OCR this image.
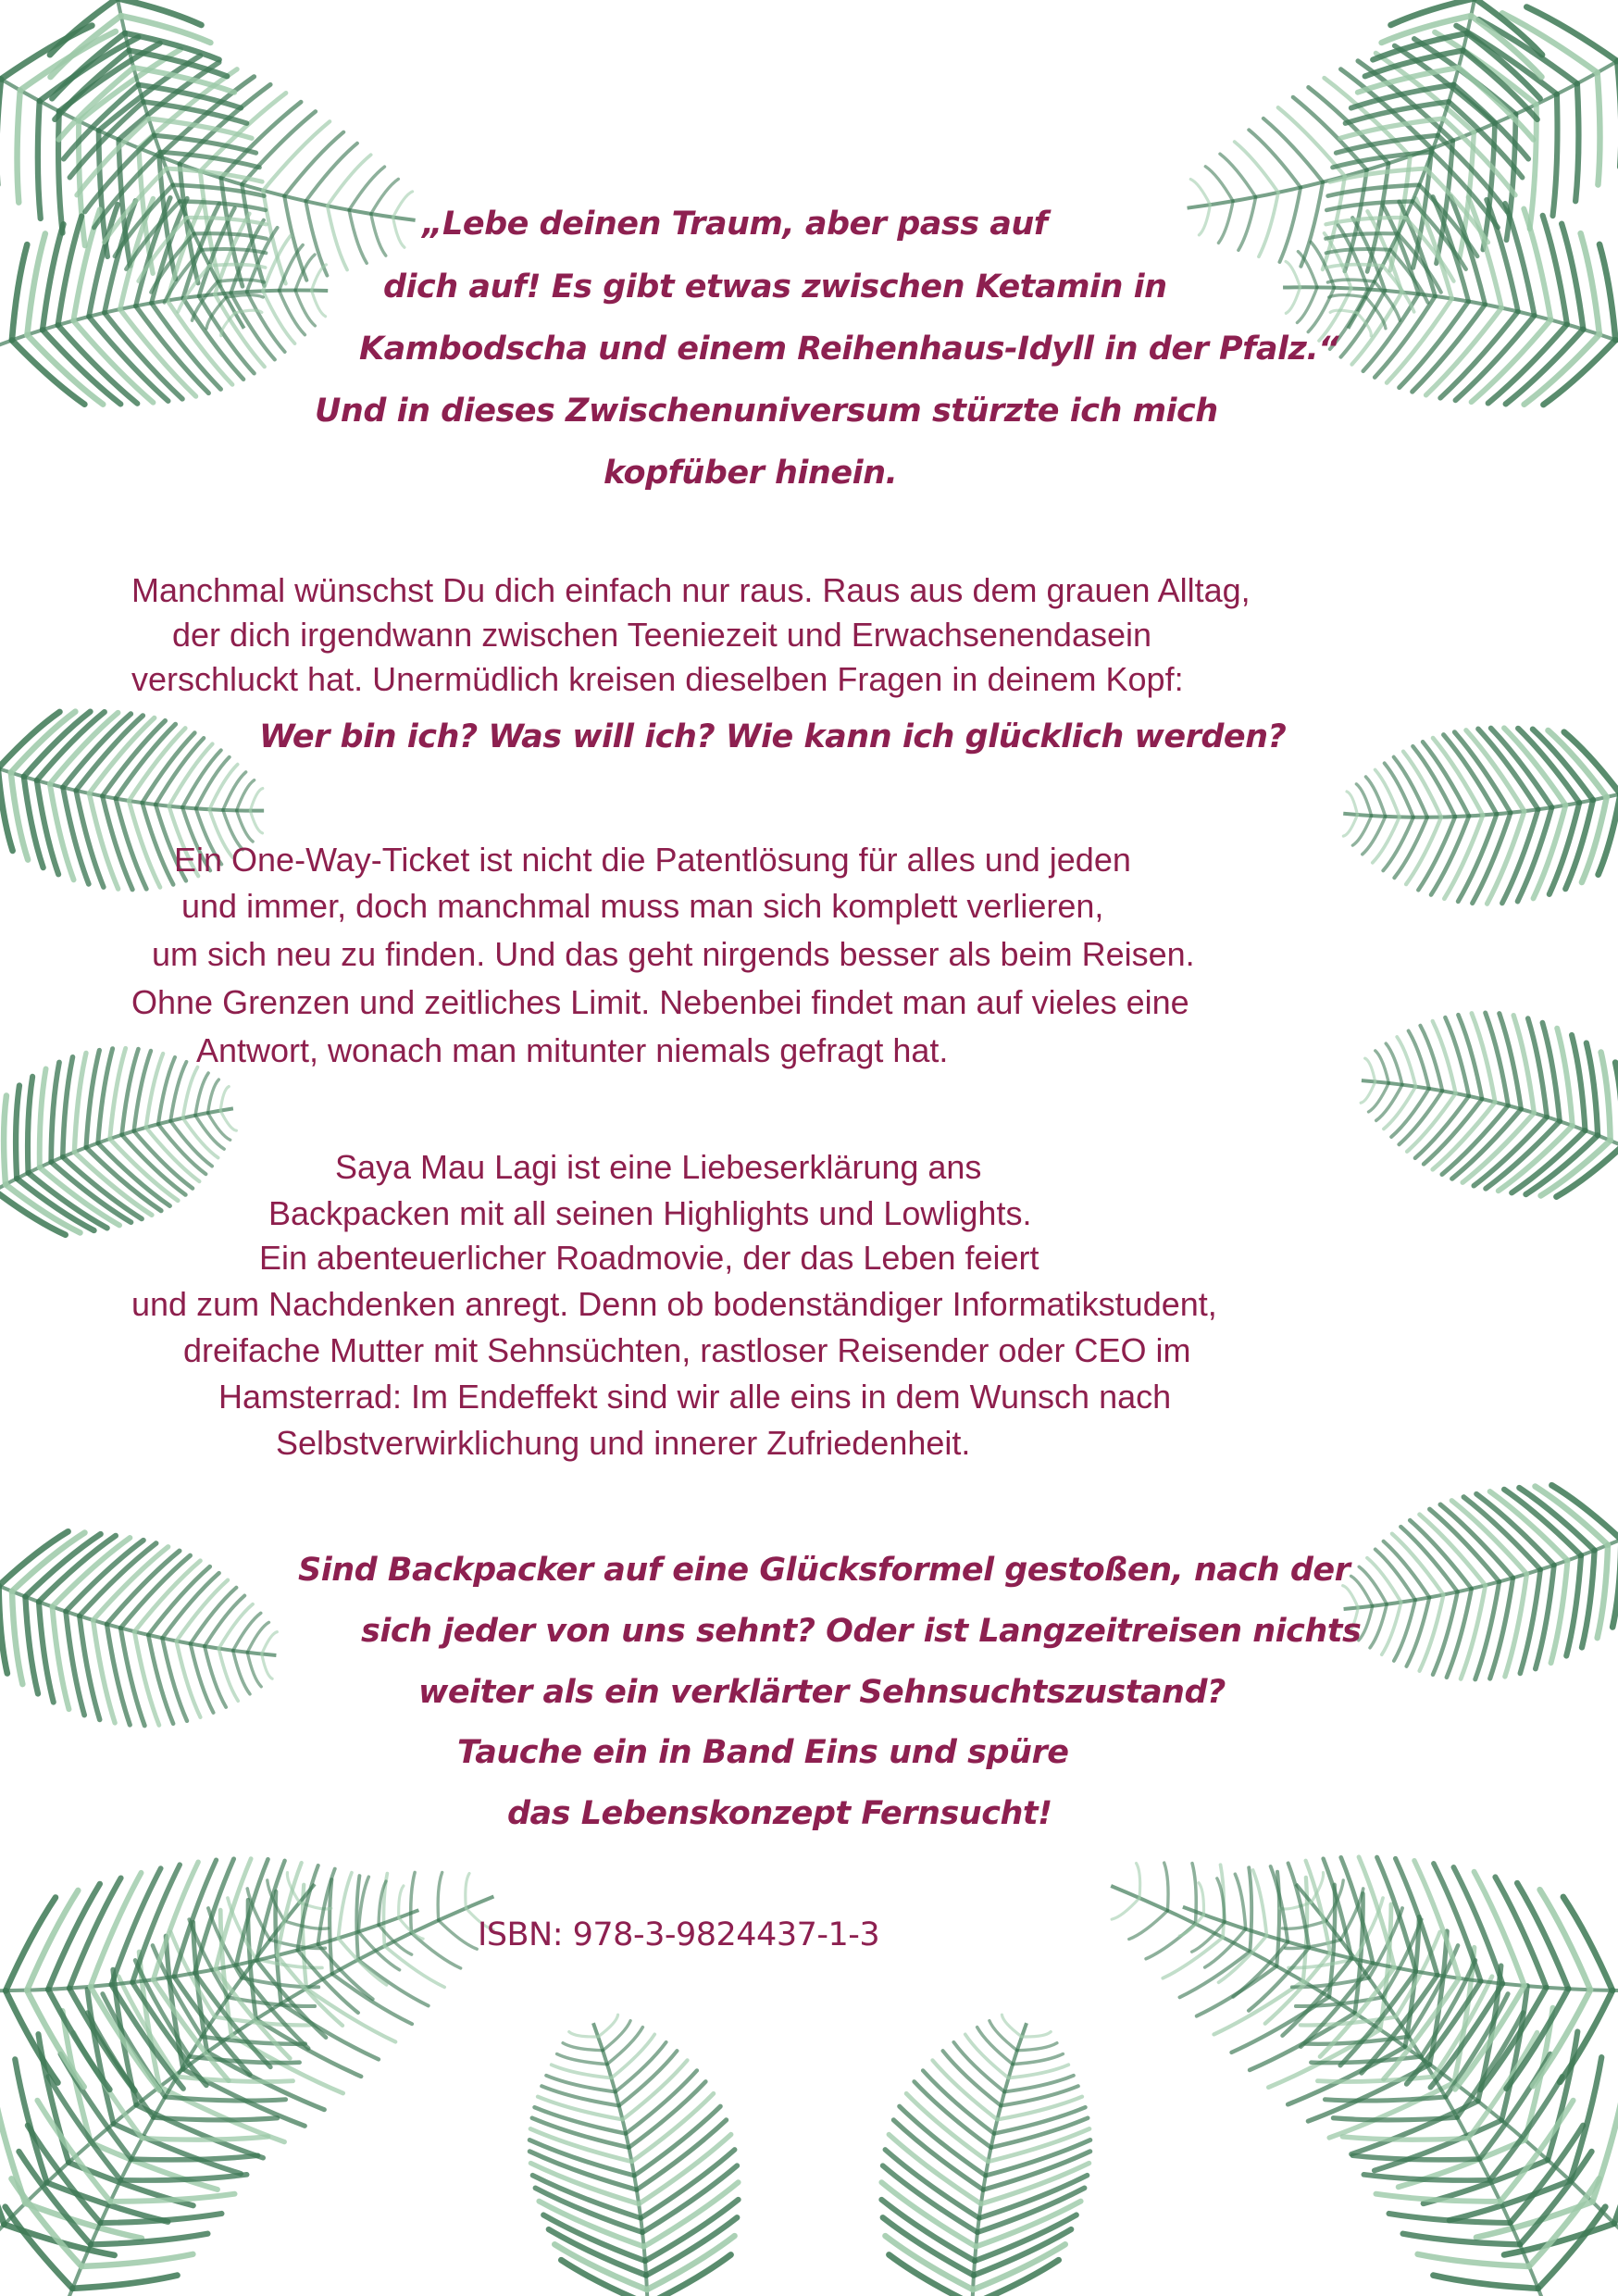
„Lebe deinen Traum, aber pass auf

dich auf! Es gibt etwas zwischen Ketamin in

Kambodscha und einem Reihenhaus-Idyll in der Pfalz.“

Und in dieses Zwischenuniversum stürzte ich mich

kopfüber hinein.

Manchmal wünschst Du dich einfach nur raus. Raus aus dem grauen Alltag,

der dich irgendwann zwischen Teeniezeit und Erwachsenendasein

verschluckt hat. Unermüdlich kreisen dieselben Fragen in deinem Kopf:

Wer bin ich? Was will ich? Wie kann ich glücklich werden?

Ein One-Way-Ticket ist nicht die Patentlösung für alles und jeden

und immer, doch manchmal muss man sich komplett verlieren,

um sich neu zu finden. Und das geht nirgends besser als beim Reisen.

Ohne Grenzen und zeitliches Limit. Nebenbei findet man auf vieles eine

Antwort, wonach man mitunter niemals gefragt hat.

Saya Mau Lagi ist eine Liebeserklärung ans

Backpacken mit all seinen Highlights und Lowlights.

Ein abenteuerlicher Roadmovie, der das Leben feiert

und zum Nachdenken anregt. Denn ob bodenständiger Informatikstudent,

dreifache Mutter mit Sehnsüchten, rastloser Reisender oder CEO im

Hamsterrad: Im Endeffekt sind wir alle eins in dem Wunsch nach

Selbstverwirklichung und innerer Zufriedenheit.

Sind Backpacker auf eine Glücksformel gestoßen, nach der

sich jeder von uns sehnt? Oder ist Langzeitreisen nichts

weiter als ein verklärter Sehnsuchtszustand?

Tauche ein in Band Eins und spüre

das Lebenskonzept Fernsucht!

ISBN: 978-3-9824437-1-3
